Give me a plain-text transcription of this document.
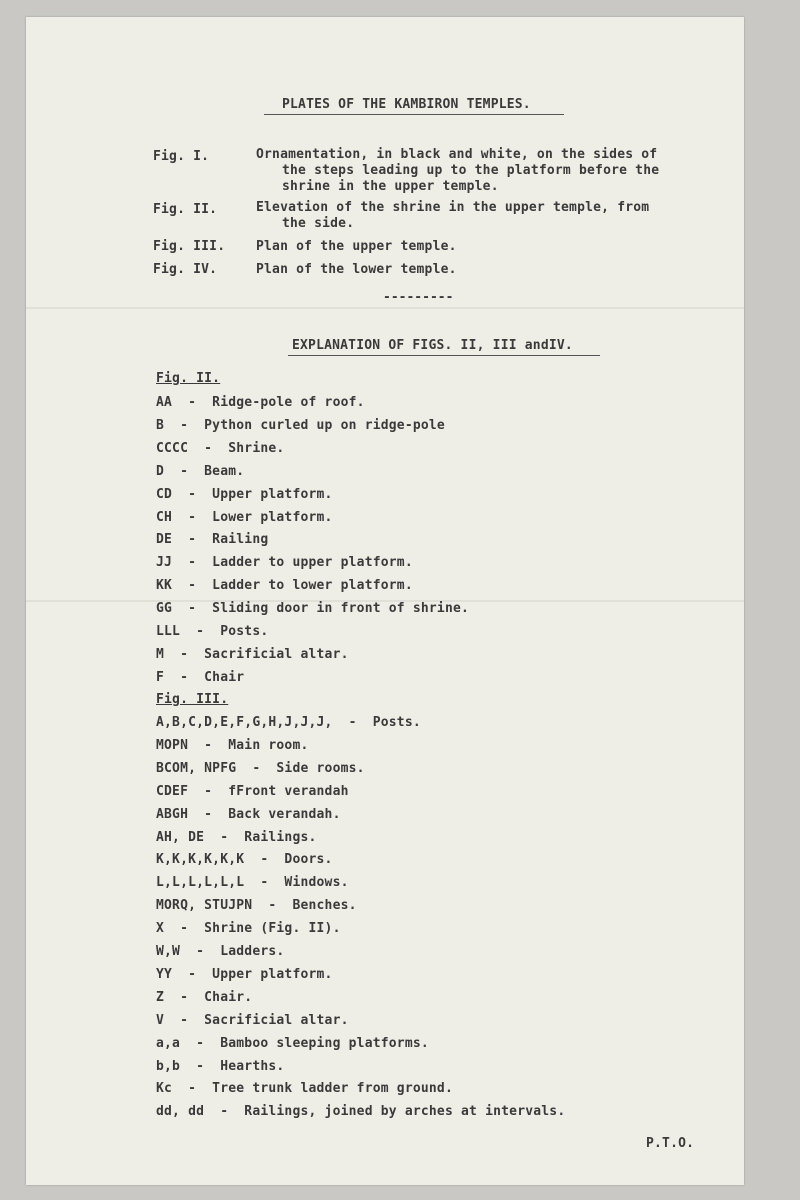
PLATES OF THE KAMBIRON TEMPLES.
Fig. I.	Ornamentation, in black and white, on the sides of
the steps leading up to the platform before the
shrine in the upper temple.
Fig. II.	Elevation of the shrine in the upper temple, from
the side.
Fig. III. Plan of the upper temple.
Fig. IV.	Plan of the lower temple.
---------
EXPLANATION OF FIGS. II, III andIV.
Fig. II.
AA  -  Ridge-pole of roof.
B  -  Python curled up on ridge-pole
CCCC  -  Shrine.
D  -  Beam.
CD  -  Upper platform.
CH  -  Lower platform.
DE  -  Railing
JJ  -  Ladder to upper platform.
KK  -  Ladder to lower platform.
GG  -  Sliding door in front of shrine.
LLL  -  Posts.
M  -  Sacrificial altar.
F  -  Chair
Fig. III.
A,B,C,D,E,F,G,H,J,J,J,  -  Posts.
MOPN  -  Main room.
BCOM, NPFG  -  Side rooms.
CDEF  -  fFront verandah
ABGH  -  Back verandah.
AH, DE  -  Railings.
K,K,K,K,K,K  -  Doors.
L,L,L,L,L,L  -  Windows.
MORQ, STUJPN  -  Benches.
X  -  Shrine (Fig. II).
W,W  -  Ladders.
YY  -  Upper platform.
Z  -  Chair.
V  -  Sacrificial altar.
a,a  -  Bamboo sleeping platforms.
b,b  -  Hearths.
Kc  -  Tree trunk ladder from ground.
dd, dd  -  Railings, joined by arches at intervals.
P.T.O.
